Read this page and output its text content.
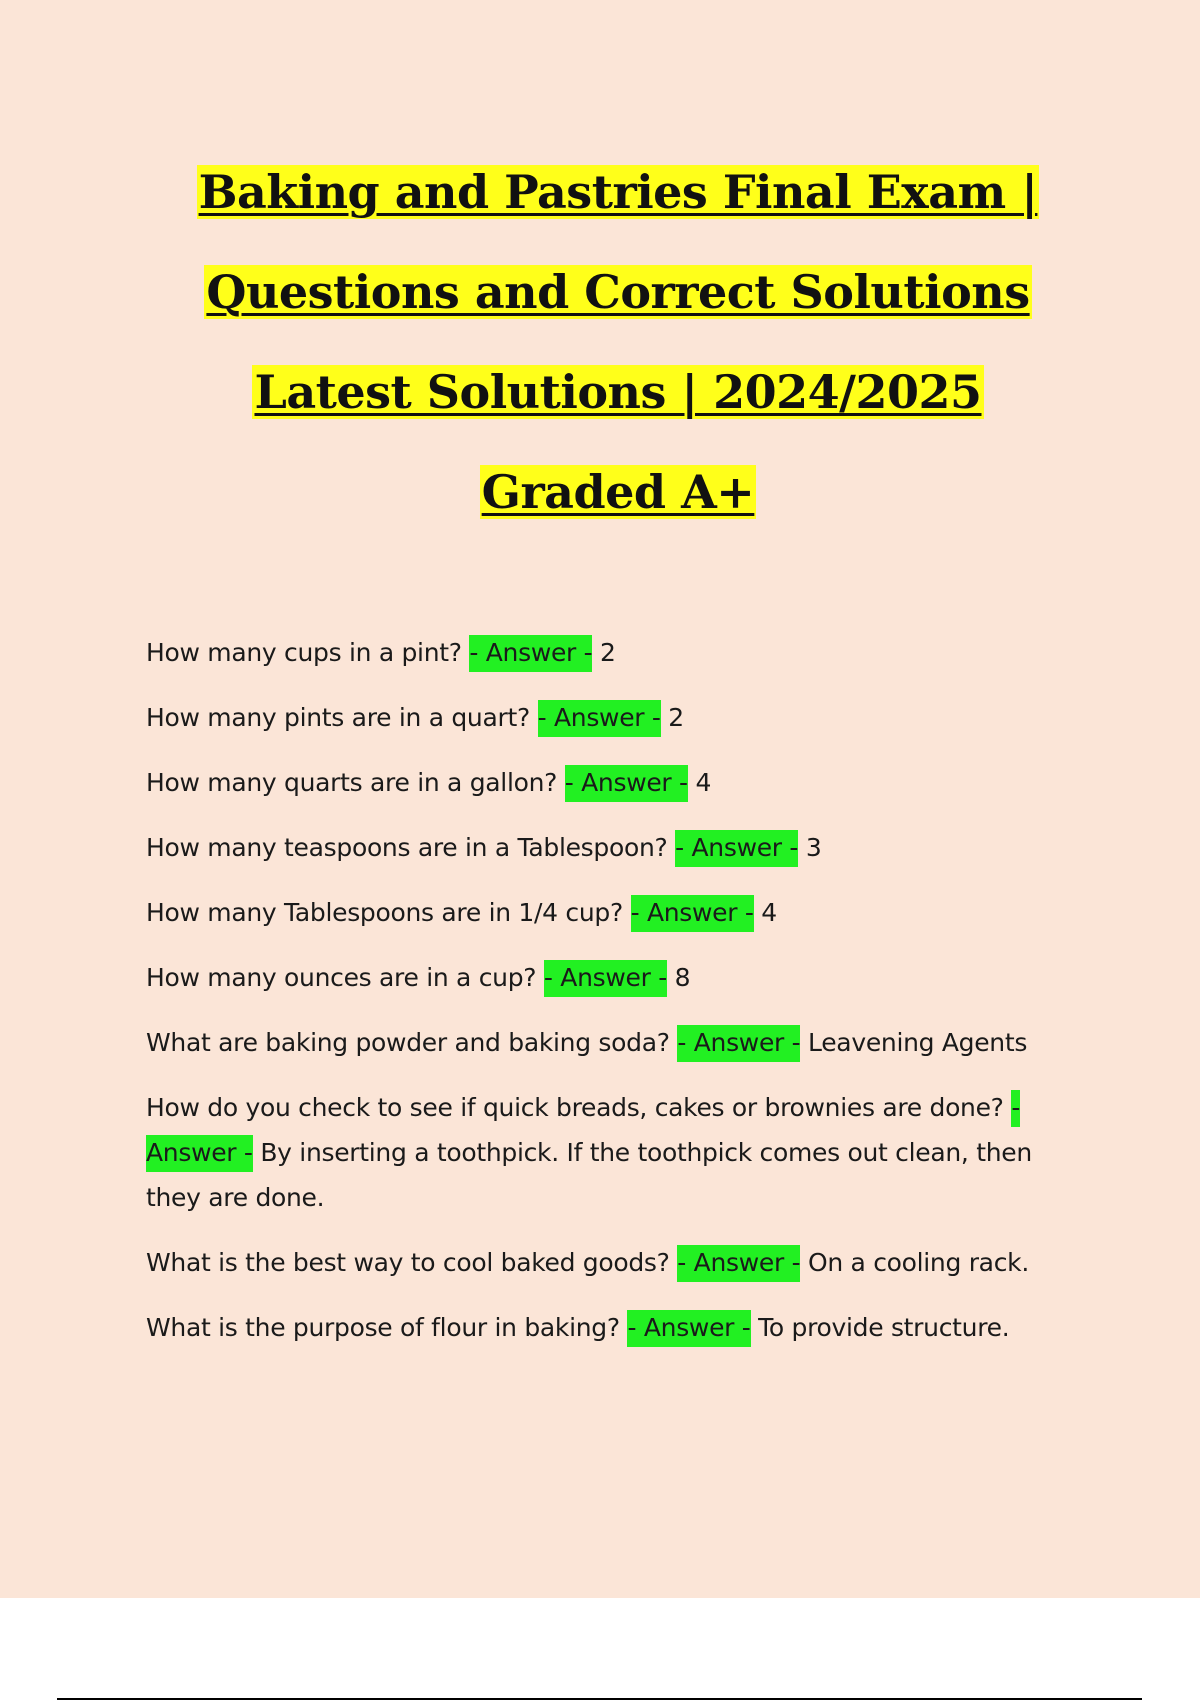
Baking and Pastries Final Exam |
Questions and Correct Solutions
Latest Solutions | 2024/2025
Graded A+

How many cups in a pint? - Answer - 2

How many pints are in a quart? - Answer - 2

How many quarts are in a gallon? - Answer - 4

How many teaspoons are in a Tablespoon? - Answer - 3

How many Tablespoons are in 1/4 cup? - Answer - 4

How many ounces are in a cup? - Answer - 8

What are baking powder and baking soda? - Answer - Leavening Agents

How do you check to see if quick breads, cakes or brownies are done? - Answer - By inserting a toothpick. If the toothpick comes out clean, then they are done.

What is the best way to cool baked goods? - Answer - On a cooling rack.

What is the purpose of flour in baking? - Answer - To provide structure.
